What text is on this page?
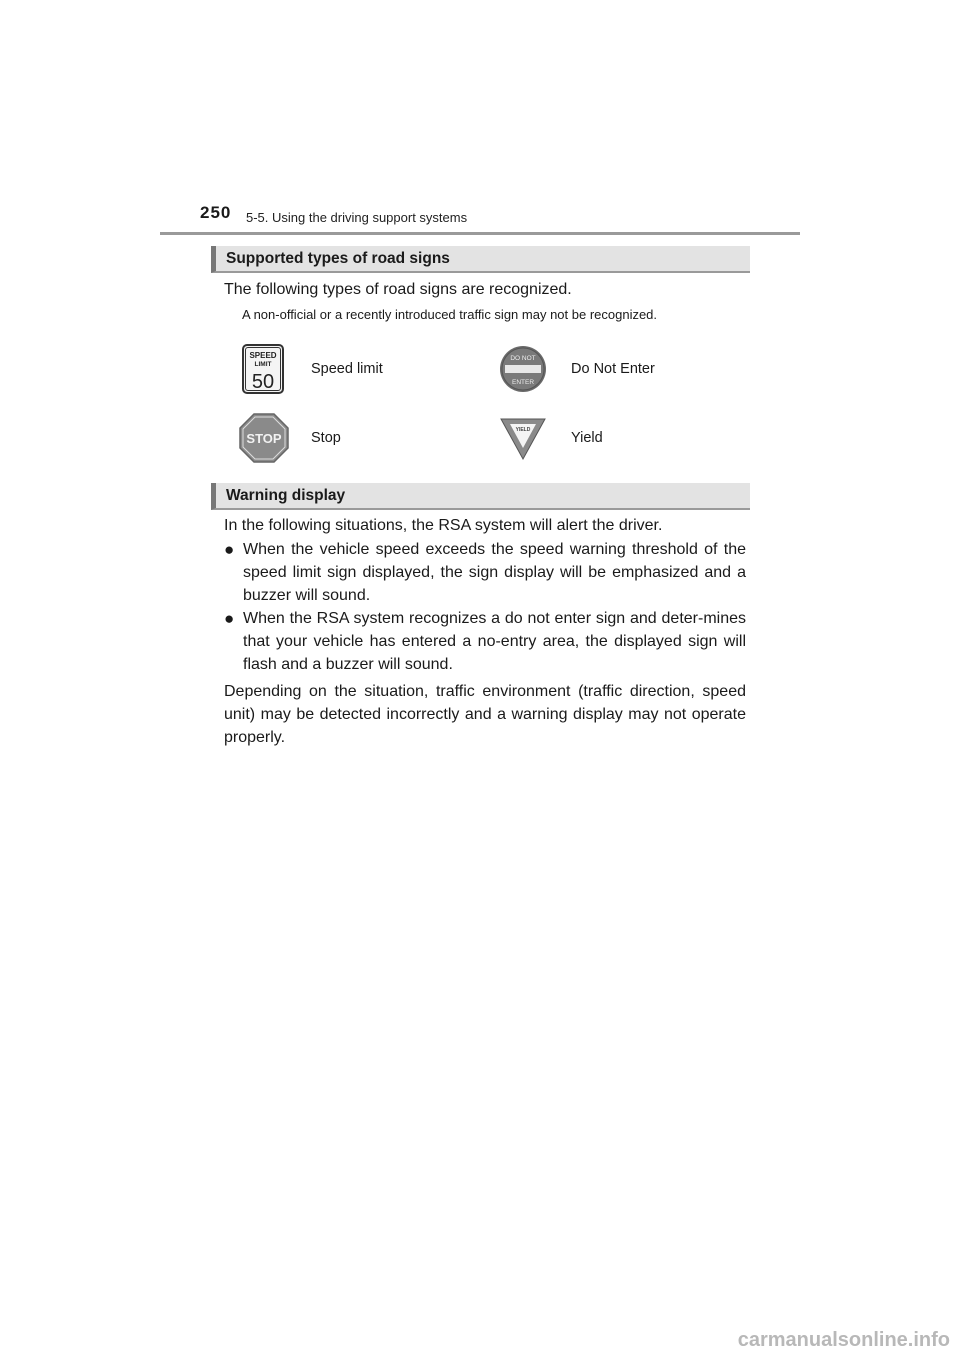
250 5-5. Using the driving support systems
Supported types of road signs
The following types of road signs are recognized.
A non-official or a recently introduced traffic sign may not be recognized.
SPEED
LIMIT
50
Speed limit
DO NOT
ENTER
Do Not Enter
STOP Stop	YIELD	Yield
Warning display
In the following situations, the RSA system will alert the driver.
● When the vehicle speed exceeds the speed warning threshold of the speed limit sign displayed, the sign display will be emphasized and a buzzer will sound.
● When the RSA system recognizes a do not enter sign and deter-mines that your vehicle has entered a no-entry area, the displayed sign will flash and a buzzer will sound.
Depending on the situation, traffic environment (traffic direction, speed unit) may be detected incorrectly and a warning display may not operate properly.
carmanualsonline.info
